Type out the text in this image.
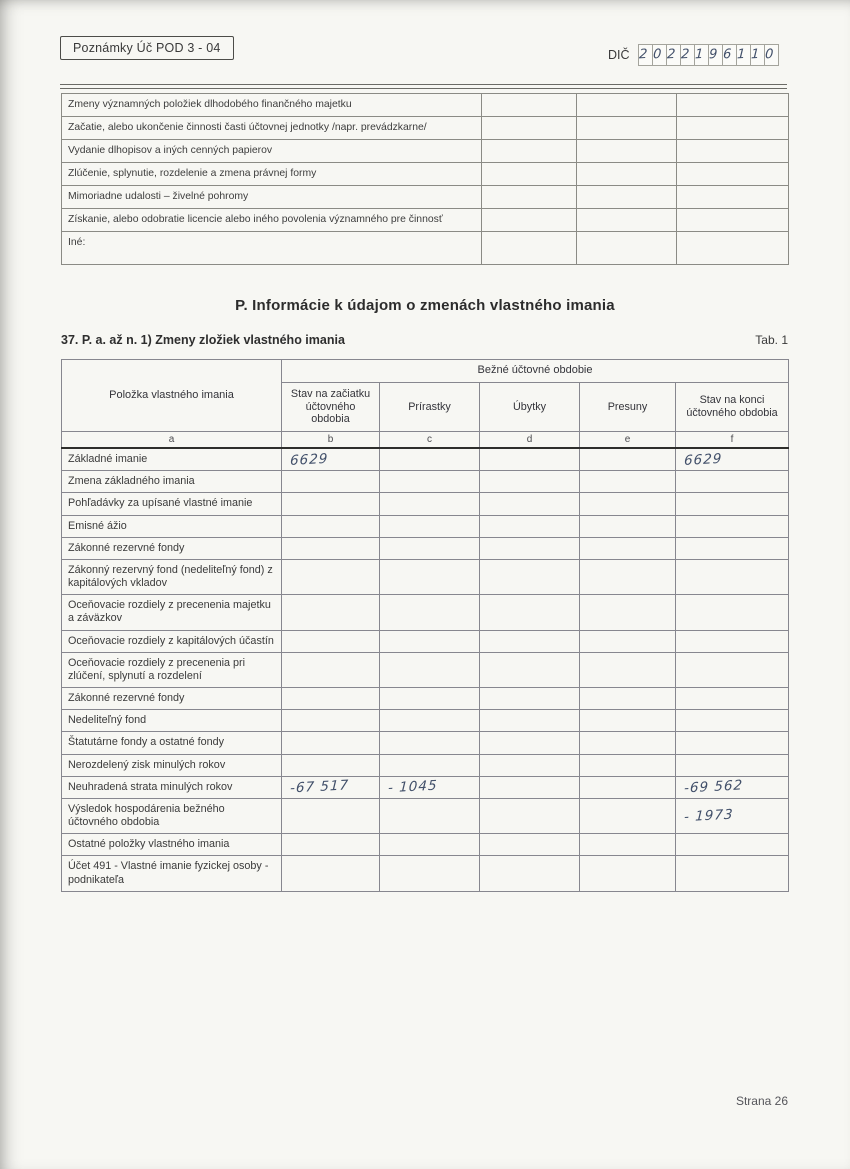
Poznámky Úč POD 3 - 04	DIČ 2 0 2 2 1 9 6 1 1 0
Zmeny významných položiek dlhodobého finančného majetku			
Začatie, alebo ukončenie činnosti časti účtovnej jednotky /napr. prevádzkarne/			
Vydanie dlhopisov a iných cenných papierov			
Zlúčenie, splynutie, rozdelenie a zmena právnej formy			
Mimoriadne udalosti – živelné pohromy			
Získanie, alebo odobratie licencie alebo iného povolenia významného pre činnosť			
Iné:			
P. Informácie k údajom o zmenách vlastného imania
37. P. a. až n. 1) Zmeny zložiek vlastného imania	Tab. 1
Položka vlastného imania	Bežné účtovné obdobie				
	Stav na začiatku účtovného obdobia	Prírastky	Úbytky	Presuny	Stav na konci účtovného obdobia
a	b	c	d	e	f
Základné imanie	6629				6629
Zmena základného imania					
Pohľadávky za upísané vlastné imanie					
Emisné ážio					
Zákonné rezervné fondy					
Zákonný rezervný fond (nedeliteľný fond) z kapitálových vkladov					
Oceňovacie rozdiely z precenenia majetku a záväzkov					
Oceňovacie rozdiely z kapitálových účastín					
Oceňovacie rozdiely z precenenia pri zlúčení, splynutí a rozdelení					
Zákonné rezervné fondy					
Nedeliteľný fond					
Štatutárne fondy a ostatné fondy					
Nerozdelený zisk minulých rokov					
Neuhradená strata minulých rokov	-67 517	- 1045			-69 562
Výsledok hospodárenia bežného účtovného obdobia					- 1973
Ostatné položky vlastného imania					
Účet 491 - Vlastné imanie fyzickej osoby - podnikateľa					
Strana 26
